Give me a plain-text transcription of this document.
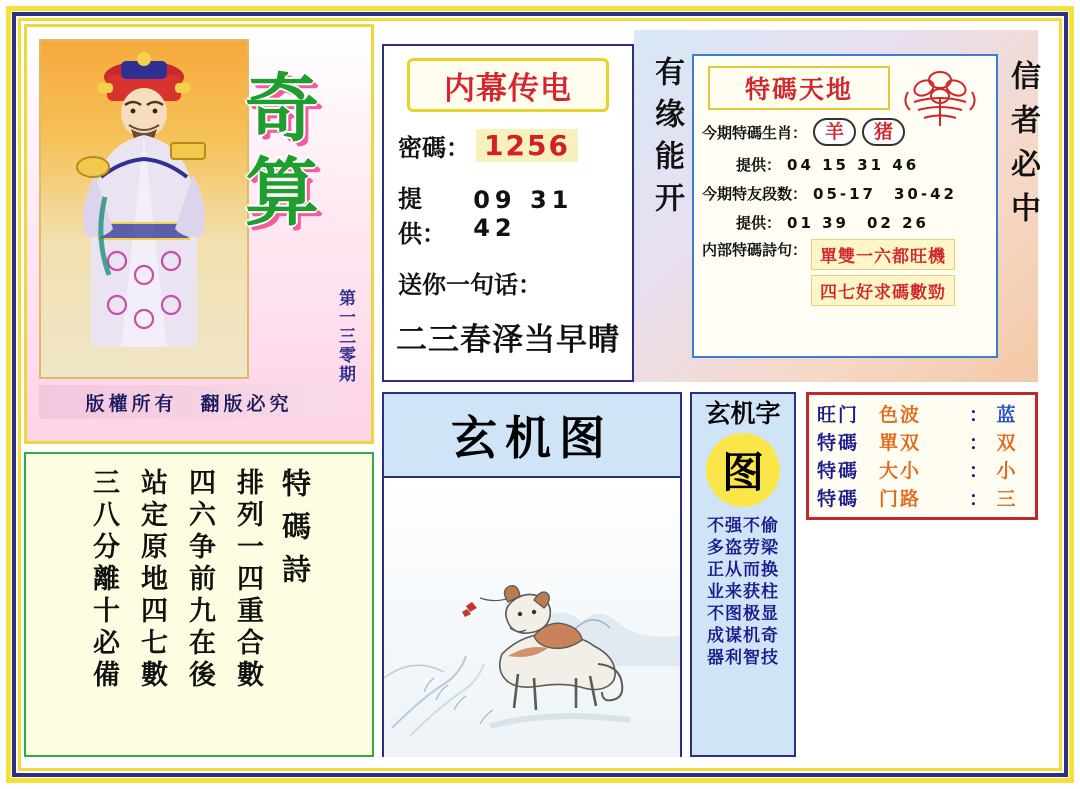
奇算
第一三零期
版權所有　翻版必究
特碼詩
排列一四重合數
四六争前九在後
站定原地四七數
三八分離十必備
内幕传电
密碼： 1256
提供：
09 31 42
送你一句话：
二三春泽当早晴
有缘能开	信者必中
特碼天地
今期特碼生肖： 羊	猪
提供： 04 15 31 46
今期特友段数： 05-17　30-42
提供： 01 39　02 26
内部特碼詩句： 單雙一六都旺機
四七好求碼數勁
玄机图	玄机字
图
不强不偷
多盗劳梁
正从而换
业来获柱
不图极显
成谋机奇
器利智技
旺门	色波	： 蓝
特碼	單双	： 双
特碼	大小	： 小
特碼	门路	： 三
